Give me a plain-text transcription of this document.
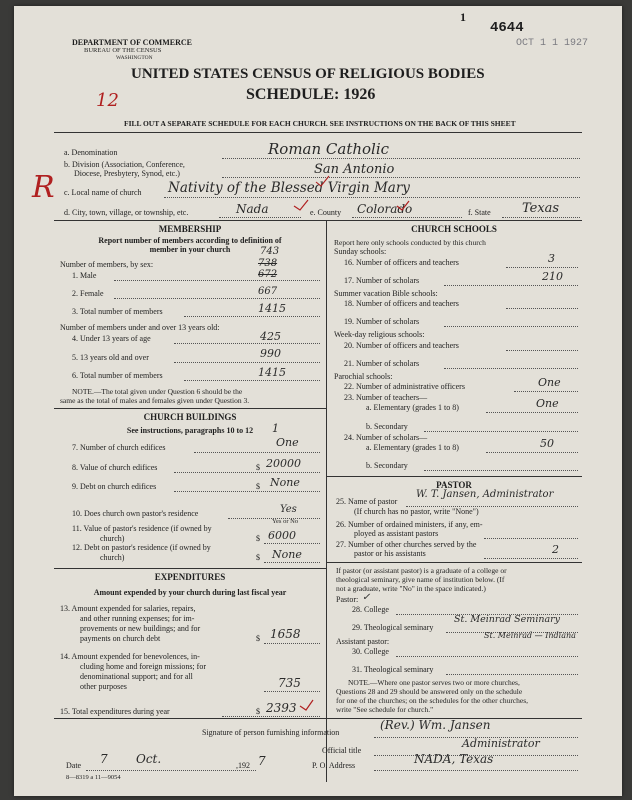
1
4644
OCT 1 1 1927
DEPARTMENT OF COMMERCE
BUREAU OF THE CENSUS
WASHINGTON
UNITED STATES CENSUS OF RELIGIOUS BODIES
SCHEDULE: 1926
12
FILL OUT A SEPARATE SCHEDULE FOR EACH CHURCH. SEE INSTRUCTIONS ON THE BACK OF THIS SHEET
a. Denomination	Roman Catholic
b. Division (Association, Conference,
Diocese, Presbytery, Synod, etc.)	San Antonio
R c. Local name of church Nativity of the Blessed Virgin Mary
d. City, town, village, or township, etc.	Nada	e. County Colorado	f. State Texas
MEMBERSHIP
Report number of members according to definition of
member in your church	743
Number of members, by sex:	738
1. Male	672
2. Female	667
3. Total number of members	1415
Number of members under and over 13 years old:
4. Under 13 years of age	425
5. 13 years old and over	990
6. Total number of members	1415
NOTE.—The total given under Question 6 should be the
same as the total of males and females given under Question 3.
CHURCH BUILDINGS
See instructions, paragraphs 10 to 12	1
7. Number of church edifices	One
8. Value of church edifices	$ 20000
9. Debt on church edifices	$ None
10. Does church own pastor's residence	Yes
Yes or No
11. Value of pastor's residence (if owned by
church)	$ 6000
12. Debt on pastor's residence (if owned by
church)	$ None
EXPENDITURES
Amount expended by your church during last fiscal year
13. Amount expended for salaries, repairs,
and other running expenses; for im-
provements or new buildings; and for
payments on church debt	$ 1658
14. Amount expended for benevolences, in-
cluding home and foreign missions; for
denominational support; and for all
other purposes	735
15. Total expenditures during year	$ 2393
CHURCH SCHOOLS
Report here only schools conducted by this church
Sunday schools:
16. Number of officers and teachers	3
17. Number of scholars	210
Summer vacation Bible schools:
18. Number of officers and teachers
19. Number of scholars
Week-day religious schools:
20. Number of officers and teachers
21. Number of scholars
Parochial schools:
22. Number of administrative officers	One
23. Number of teachers—
a. Elementary (grades 1 to 8)	One
b. Secondary
24. Number of scholars—
a. Elementary (grades 1 to 8)	50
b. Secondary
PASTOR
25. Name of pastor
W. T. Jansen, Administrator
(If church has no pastor, write "None")
26. Number of ordained ministers, if any, em-
ployed as assistant pastors
27. Number of other churches served by the
pastor or his assistants	2
If pastor (or assistant pastor) is a graduate of a college or
theological seminary, give name of institution below. (If
not a graduate, write "No" in the space indicated.)
Pastor: ✓
28. College
29. Theological seminary
St. Meinrad Seminary
St. Meinrad — Indiana
Assistant pastor:
30. College
31. Theological seminary
NOTE.—Where one pastor serves two or more churches,
Questions 28 and 29 should be answered only on the schedule
for one of the churches; on the schedules for the other churches,
write "See schedule for church."
Signature of person furnishing information
(Rev.) Wm. Jansen
Official title
Administrator
Date 7 Oct.	,192 7	P. O. Address	NADA, Texas
8—8319 a 11—9054
